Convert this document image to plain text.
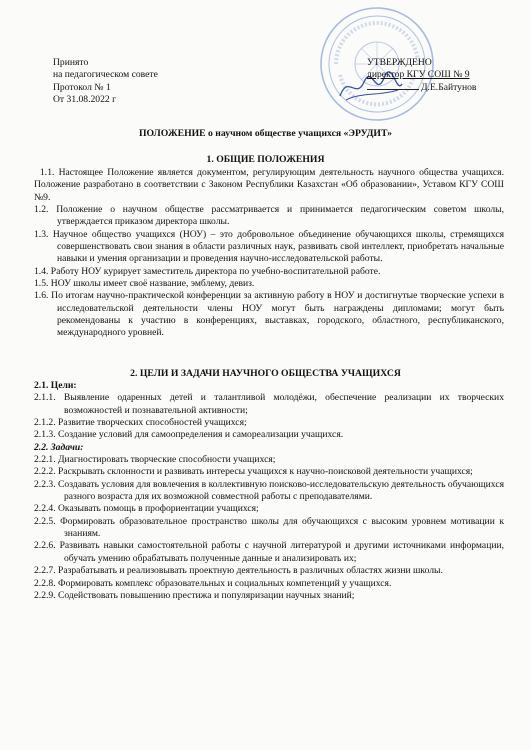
Принято
на педагогическом совете
Протокол № 1
От 31.08.2022 г
УТВЕРЖДЕНО
директор КГУ СОШ № 9
Д.Е.Байтунов
ПОЛОЖЕНИЕ о научном обществе учащихся «ЭРУДИТ»
1. ОБЩИЕ ПОЛОЖЕНИЯ

1.1. Настоящее Положение является документом, регулирующим деятельность научного общества учащихся. Положение разработано в соответствии с Законом Республики Казахстан «Об образовании», Уставом КГУ СОШ №9.

1.2. Положение о научном обществе рассматривается и принимается педагогическим советом школы, утверждается приказом директора школы.

1.3. Научное общество учащихся (НОУ) – это добровольное объединение обучающихся школы, стремящихся совершенствовать свои знания в области различных наук, развивать свой интеллект, приобретать начальные навыки и умения организации и проведения научно-исследовательской работы.

1.4. Работу НОУ курирует заместитель директора по учебно-воспитательной работе.

1.5. НОУ школы имеет своё название, эмблему, девиз.

1.6. По итогам научно-практической конференции за активную работу в НОУ и достигнутые творческие успехи в исследовательской деятельности члены НОУ могут быть награждены дипломами; могут быть рекомендованы к участию в конференциях, выставках, городского, областного, республиканского, международного уровней.

2. ЦЕЛИ И ЗАДАЧИ НАУЧНОГО ОБЩЕСТВА УЧАЩИХСЯ

2.1. Цели:

2.1.1. Выявление одаренных детей и талантливой молодёжи, обеспечение реализации их творческих возможностей и познавательной активности;

2.1.2. Развитие творческих способностей учащихся;

2.1.3. Создание условий для самоопределения и самореализации учащихся.

2.2. Задачи:

2.2.1. Диагностировать творческие способности учащихся;

2.2.2. Раскрывать склонности и развивать интересы учащихся к научно-поисковой деятельности учащихся;

2.2.3. Создавать условия для вовлечения в коллективную поисково-исследовательскую деятельность обучающихся разного возраста для их возможной совместной работы с преподавателями.

2.2.4. Оказывать помощь в профориентации учащихся;

2.2.5. Формировать образовательное пространство школы для обучающихся с высоким уровнем мотивации к знаниям.

2.2.6. Развивать навыки самостоятельной работы с научной литературой и другими источниками информации, обучать умению обрабатывать полученные данные и анализировать их;

2.2.7. Разрабатывать и реализовывать проектную деятельность в различных областях жизни школы.

2.2.8. Формировать комплекс образовательных и социальных компетенций у учащихся.

2.2.9. Содействовать повышению престижа и популяризации научных знаний;
